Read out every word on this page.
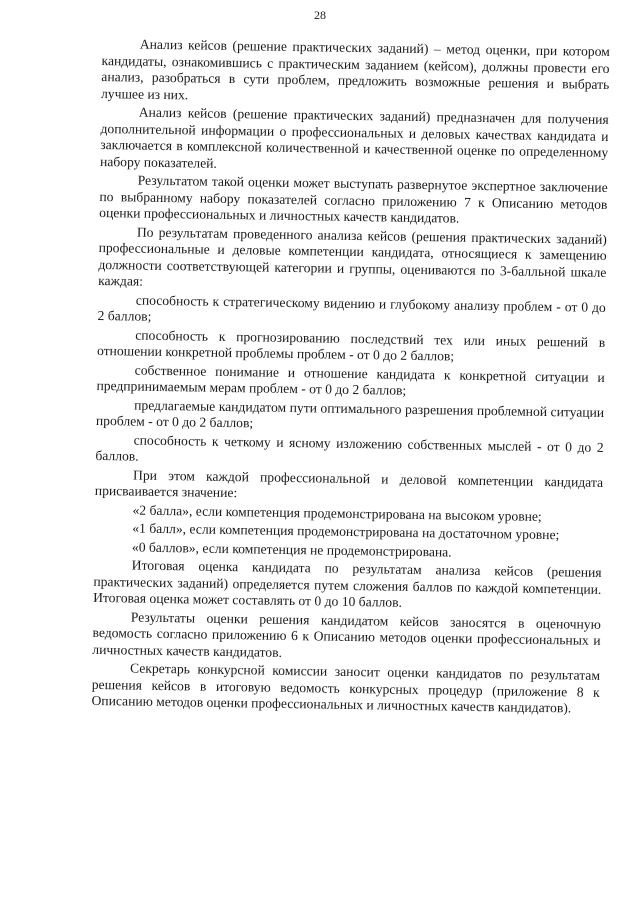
28

Анализ кейсов (решение практических заданий) – метод оценки, при котором кандидаты, ознакомившись с практическим заданием (кейсом), должны провести его анализ, разобраться в сути проблем, предложить возможные решения и выбрать лучшее из них.

Анализ кейсов (решение практических заданий) предназначен для получения дополнительной информации о профессиональных и деловых качествах кандидата и заключается в комплексной количественной и качественной оценке по определенному набору показателей.

Результатом такой оценки может выступать развернутое экспертное заключение по выбранному набору показателей согласно приложению 7 к Описанию методов оценки профессиональных и личностных качеств кандидатов.

По результатам проведенного анализа кейсов (решения практических заданий) профессиональные и деловые компетенции кандидата, относящиеся к замещению должности соответствующей категории и группы, оцениваются по 3-балльной шкале каждая:

способность к стратегическому видению и глубокому анализу проблем - от 0 до 2 баллов;

способность к прогнозированию последствий тех или иных решений в отношении конкретной проблемы проблем - от 0 до 2 баллов;

собственное понимание и отношение кандидата к конкретной ситуации и предпринимаемым мерам проблем - от 0 до 2 баллов;

предлагаемые кандидатом пути оптимального разрешения проблемной ситуации проблем - от 0 до 2 баллов;

способность к четкому и ясному изложению собственных мыслей - от 0 до 2 баллов.

При этом каждой профессиональной и деловой компетенции кандидата присваивается значение:

«2 балла», если компетенция продемонстрирована на высоком уровне;

«1 балл», если компетенция продемонстрирована на достаточном уровне;

«0 баллов», если компетенция не продемонстрирована.

Итоговая оценка кандидата по результатам анализа кейсов (решения практических заданий) определяется путем сложения баллов по каждой компетенции. Итоговая оценка может составлять от 0 до 10 баллов.

Результаты оценки решения кандидатом кейсов заносятся в оценочную ведомость согласно приложению 6 к Описанию методов оценки профессиональных и личностных качеств кандидатов.

Секретарь конкурсной комиссии заносит оценки кандидатов по результатам решения кейсов в итоговую ведомость конкурсных процедур (приложение 8 к Описанию методов оценки профессиональных и личностных качеств кандидатов).
